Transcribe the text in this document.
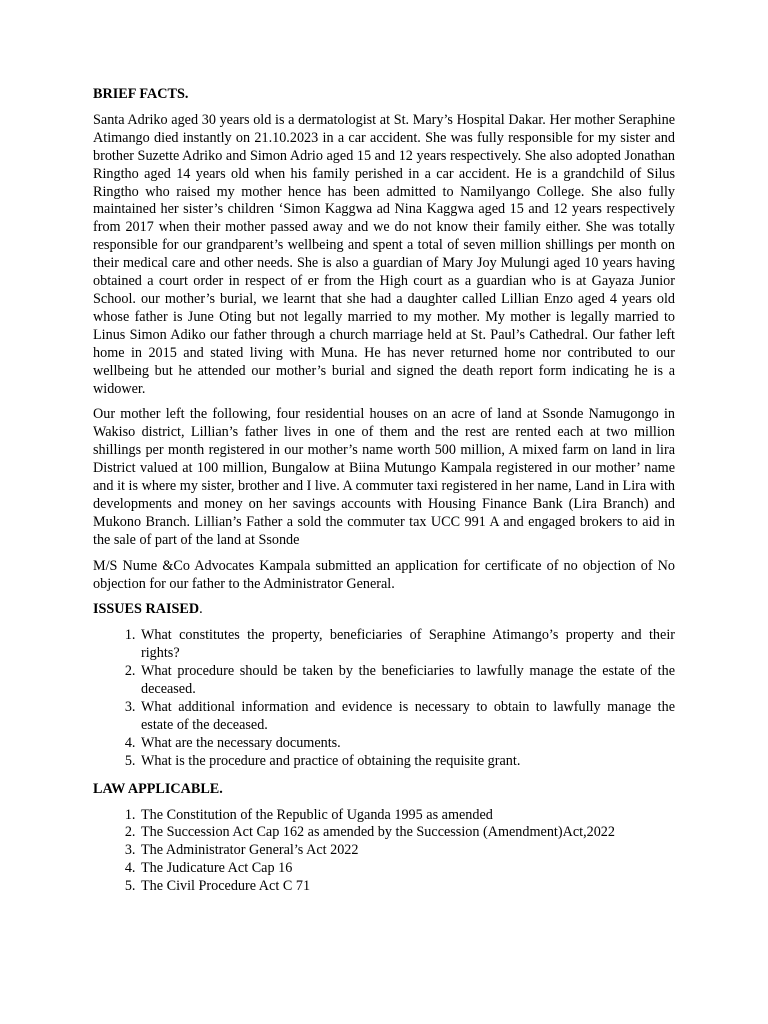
BRIEF FACTS.

Santa Adriko aged 30 years old is a dermatologist at St. Mary’s Hospital Dakar. Her mother Seraphine Atimango died instantly on 21.10.2023 in a car accident. She was fully responsible for my sister and brother Suzette Adriko and Simon Adrio aged 15 and 12 years respectively. She also adopted Jonathan Ringtho aged 14 years old when his family perished in a car accident. He is a grandchild of Silus Ringtho who raised my mother hence has been admitted to Namilyango College. She also fully maintained her sister’s children ‘Simon Kaggwa ad Nina Kaggwa aged 15 and 12 years respectively from 2017 when their mother passed away and we do not know their family either. She was totally responsible for our grandparent’s wellbeing and spent a total of seven million shillings per month on their medical care and other needs. She is also a guardian of Mary Joy Mulungi aged 10 years having obtained a court order in respect of er from the High court as a guardian who is at Gayaza Junior School. our mother’s burial, we learnt that she had a daughter called Lillian Enzo aged 4 years old whose father is June Oting but not legally married to my mother. My mother is legally married to Linus Simon Adiko our father through a church marriage held at St. Paul’s Cathedral. Our father left home in 2015 and stated living with Muna. He has never returned home nor contributed to our wellbeing but he attended our mother’s burial and signed the death report form indicating he is a widower.

Our mother left the following, four residential houses on an acre of land at Ssonde Namugongo in Wakiso district, Lillian’s father lives in one of them and the rest are rented each at two million shillings per month registered in our mother’s name worth 500 million, A mixed farm on land in lira District valued at 100 million, Bungalow at Biina Mutungo Kampala registered in our mother’ name and it is where my sister, brother and I live. A commuter taxi registered in her name, Land in Lira with developments and money on her savings accounts with Housing Finance Bank (Lira Branch) and Mukono Branch. Lillian’s Father a sold the commuter tax UCC 991 A and engaged brokers to aid in the sale of part of the land at Ssonde

M/S Nume &Co Advocates Kampala submitted an application for certificate of no objection of No objection for our father to the Administrator General.

ISSUES RAISED.
1. What constitutes the property, beneficiaries of Seraphine Atimango’s property and their rights?
2. What procedure should be taken by the beneficiaries to lawfully manage the estate of the deceased.
3. What additional information and evidence is necessary to obtain to lawfully manage the estate of the deceased.
4. What are the necessary documents.
5. What is the procedure and practice of obtaining the requisite grant.
LAW APPLICABLE.
1. The Constitution of the Republic of Uganda 1995 as amended
2. The Succession Act Cap 162 as amended by the Succession (Amendment)Act,2022
3. The Administrator General’s Act 2022
4. The Judicature Act Cap 16
5. The Civil Procedure Act C 71
